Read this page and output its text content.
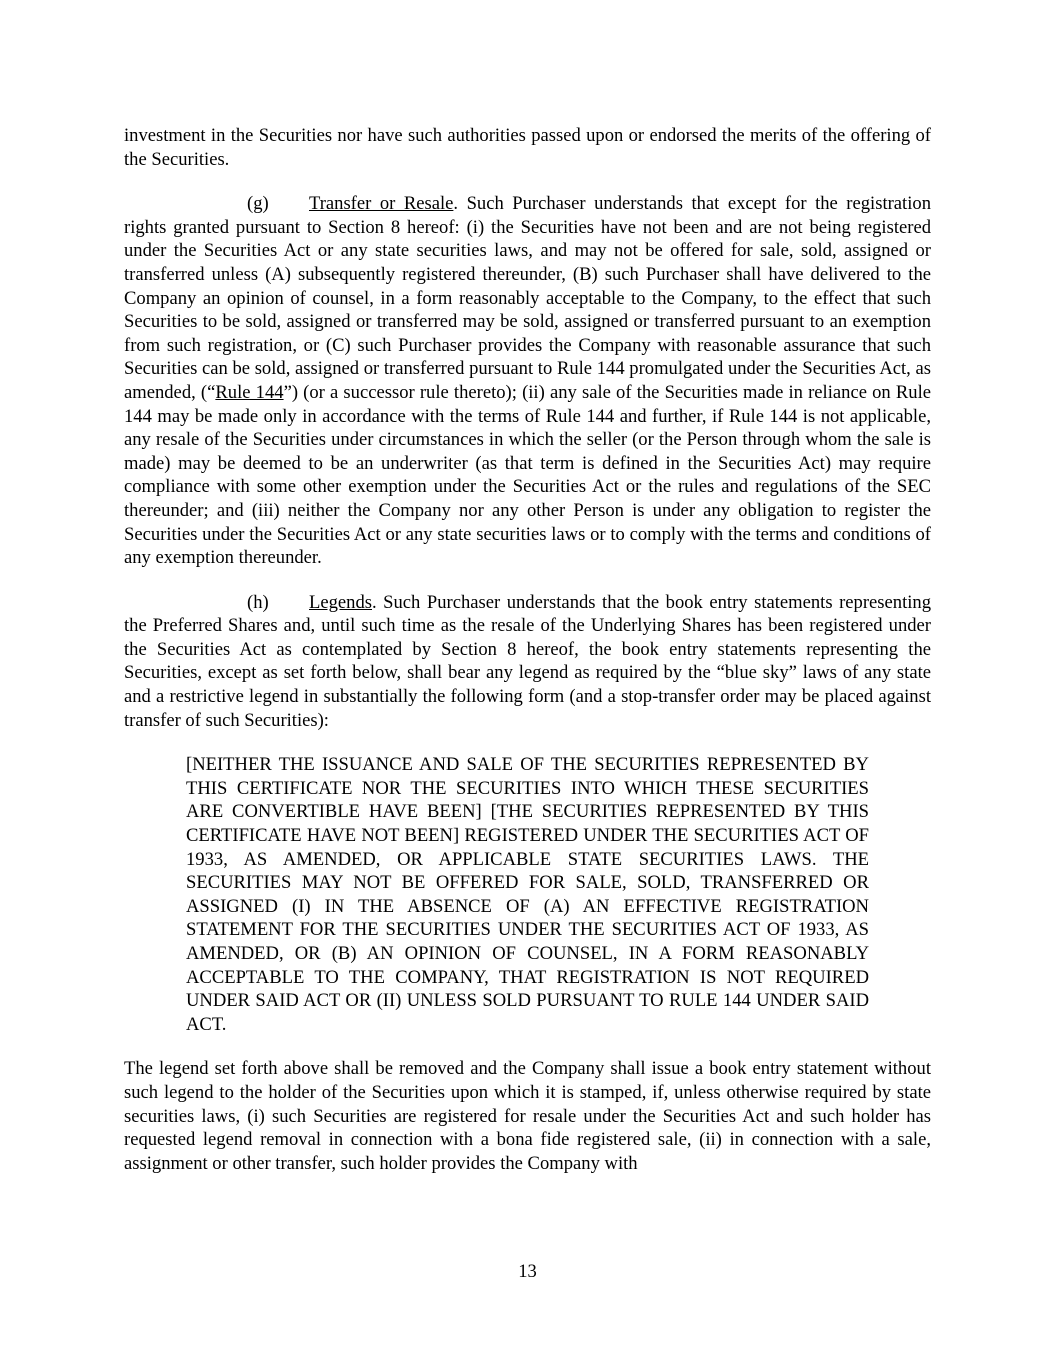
investment in the Securities nor have such authorities passed upon or endorsed the merits of the offering of the Securities.

(g) Transfer or Resale. Such Purchaser understands that except for the registration rights granted pursuant to Section 8 hereof: (i) the Securities have not been and are not being registered under the Securities Act or any state securities laws, and may not be offered for sale, sold, assigned or transferred unless (A) subsequently registered thereunder, (B) such Purchaser shall have delivered to the Company an opinion of counsel, in a form reasonably acceptable to the Company, to the effect that such Securities to be sold, assigned or transferred may be sold, assigned or transferred pursuant to an exemption from such registration, or (C) such Purchaser provides the Company with reasonable assurance that such Securities can be sold, assigned or transferred pursuant to Rule 144 promulgated under the Securities Act, as amended, (“Rule 144”) (or a successor rule thereto); (ii) any sale of the Securities made in reliance on Rule 144 may be made only in accordance with the terms of Rule 144 and further, if Rule 144 is not applicable, any resale of the Securities under circumstances in which the seller (or the Person through whom the sale is made) may be deemed to be an underwriter (as that term is defined in the Securities Act) may require compliance with some other exemption under the Securities Act or the rules and regulations of the SEC thereunder; and (iii) neither the Company nor any other Person is under any obligation to register the Securities under the Securities Act or any state securities laws or to comply with the terms and conditions of any exemption thereunder.

(h) Legends. Such Purchaser understands that the book entry statements representing the Preferred Shares and, until such time as the resale of the Underlying Shares has been registered under the Securities Act as contemplated by Section 8 hereof, the book entry statements representing the Securities, except as set forth below, shall bear any legend as required by the “blue sky” laws of any state and a restrictive legend in substantially the following form (and a stop-transfer order may be placed against transfer of such Securities):

[NEITHER THE ISSUANCE AND SALE OF THE SECURITIES REPRESENTED BY THIS CERTIFICATE NOR THE SECURITIES INTO WHICH THESE SECURITIES ARE CONVERTIBLE HAVE BEEN] [THE SECURITIES REPRESENTED BY THIS CERTIFICATE HAVE NOT BEEN] REGISTERED UNDER THE SECURITIES ACT OF 1933, AS AMENDED, OR APPLICABLE STATE SECURITIES LAWS. THE SECURITIES MAY NOT BE OFFERED FOR SALE, SOLD, TRANSFERRED OR ASSIGNED (I) IN THE ABSENCE OF (A) AN EFFECTIVE REGISTRATION STATEMENT FOR THE SECURITIES UNDER THE SECURITIES ACT OF 1933, AS AMENDED, OR (B) AN OPINION OF COUNSEL, IN A FORM REASONABLY ACCEPTABLE TO THE COMPANY, THAT REGISTRATION IS NOT REQUIRED UNDER SAID ACT OR (II) UNLESS SOLD PURSUANT TO RULE 144 UNDER SAID ACT.

The legend set forth above shall be removed and the Company shall issue a book entry statement without such legend to the holder of the Securities upon which it is stamped, if, unless otherwise required by state securities laws, (i) such Securities are registered for resale under the Securities Act and such holder has requested legend removal in connection with a bona fide registered sale, (ii) in connection with a sale, assignment or other transfer, such holder provides the Company with

13
